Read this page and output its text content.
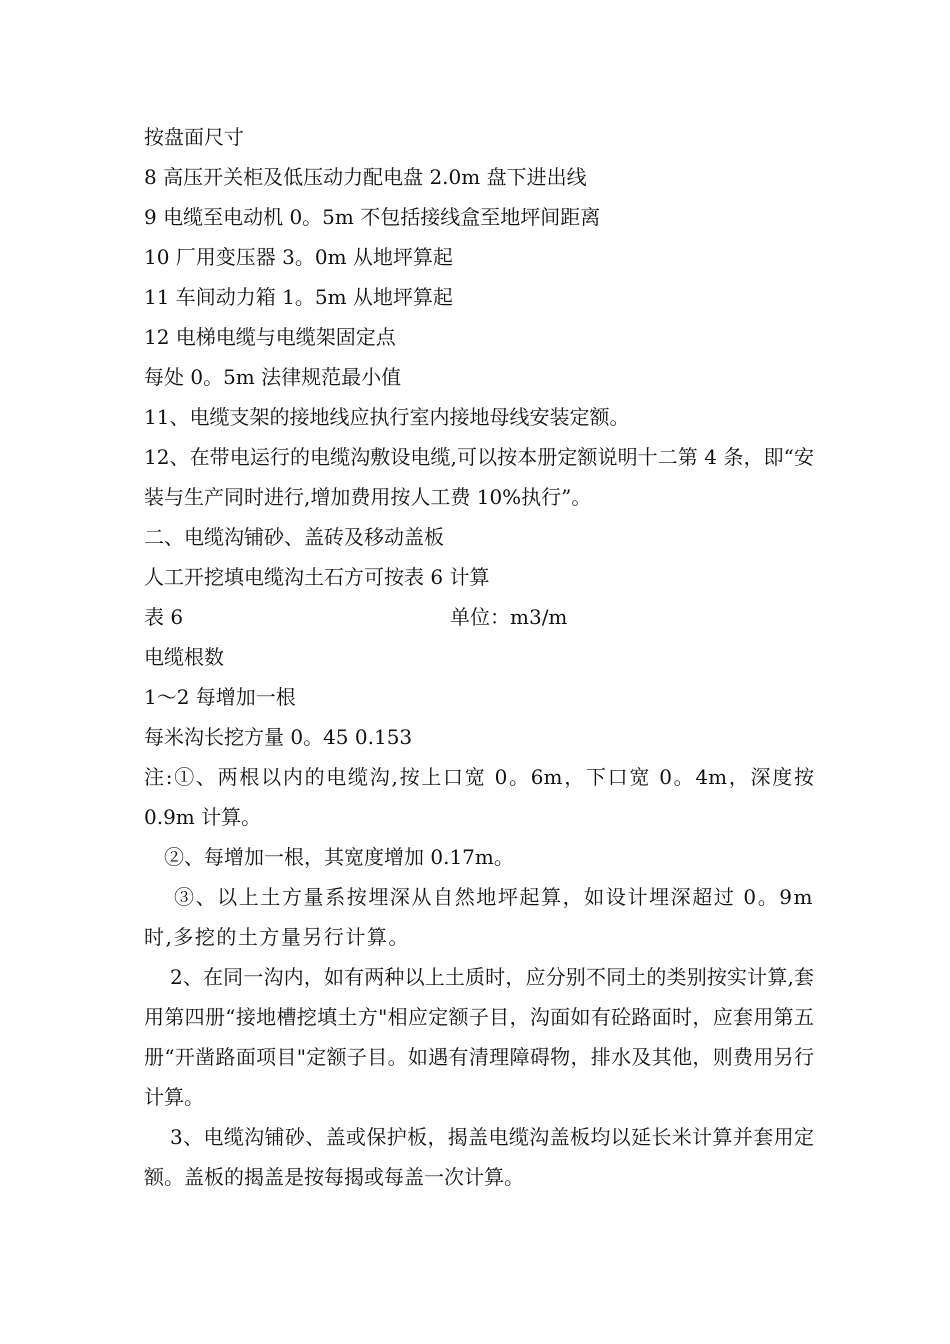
按盘面尺寸
8 高压开关柜及低压动力配电盘 2.0m 盘下进出线
9 电缆至电动机 0。5m 不包括接线盒至地坪间距离
10 厂用变压器 3。0m 从地坪算起
11 车间动力箱 1。5m 从地坪算起
12 电梯电缆与电缆架固定点
每处 0。5m 法律规范最小值
11、电缆支架的接地线应执行室内接地母线安装定额。
12、在带电运行的电缆沟敷设电缆,可以按本册定额说明十二第 4 条，即“安装与生产同时进行,增加费用按人工费 10%执行”。
二、电缆沟铺砂、盖砖及移动盖板
人工开挖填电缆沟土石方可按表 6 计算
表 6	单位：m3/m
电缆根数
1～2 每增加一根
每米沟长挖方量 0。45 0.153
注:①、两根以内的电缆沟,按上口宽 0。6m，下口宽 0。4m，深度按 0.9m 计算。
②、每增加一根，其宽度增加 0.17m。
③、以上土方量系按埋深从自然地坪起算，如设计埋深超过 0。9m 时,多挖的土方量另行计算。
2、在同一沟内，如有两种以上土质时，应分别不同土的类别按实计算,套用第四册“接地槽挖填土方"相应定额子目，沟面如有砼路面时，应套用第五册“开凿路面项目"定额子目。如遇有清理障碍物，排水及其他，则费用另行计算。
3、电缆沟铺砂、盖或保护板，揭盖电缆沟盖板均以延长米计算并套用定额。盖板的揭盖是按每揭或每盖一次计算。
